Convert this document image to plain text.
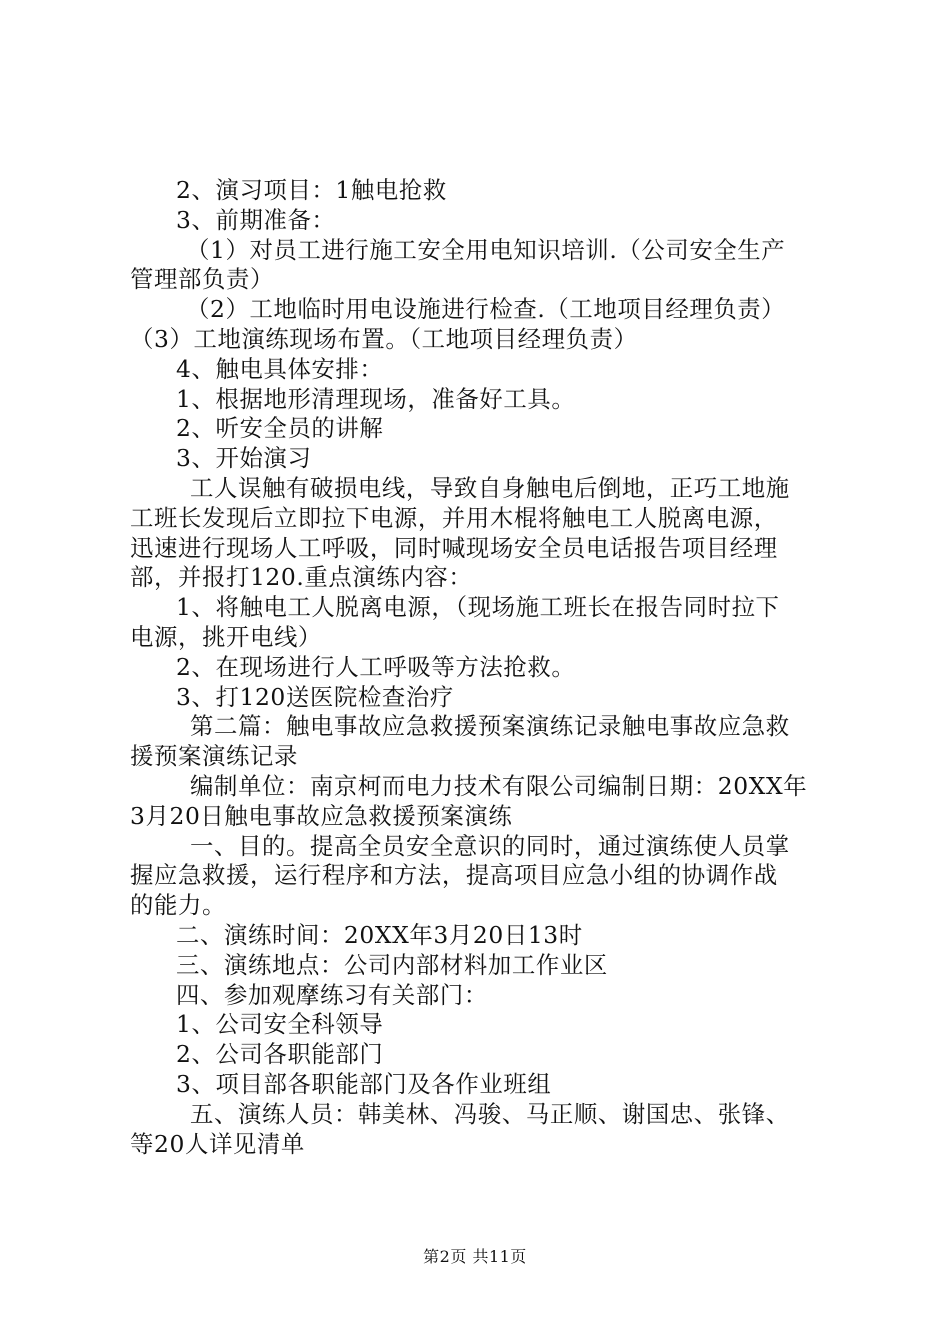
2、演习项目：1触电抢救
3、前期准备：
（1）对员工进行施工安全用电知识培训.（公司安全生产
管理部负责）
（2）工地临时用电设施进行检查.（工地项目经理负责）
（3）工地演练现场布置。（工地项目经理负责）
4、触电具体安排：
1、根据地形清理现场，准备好工具。
2、听安全员的讲解
3、开始演习
工人误触有破损电线，导致自身触电后倒地，正巧工地施
工班长发现后立即拉下电源，并用木棍将触电工人脱离电源，
迅速进行现场人工呼吸，同时喊现场安全员电话报告项目经理
部，并报打120.重点演练内容：
1、将触电工人脱离电源，（现场施工班长在报告同时拉下
电源，挑开电线）
2、在现场进行人工呼吸等方法抢救。
3、打120送医院检查治疗
第二篇：触电事故应急救援预案演练记录触电事故应急救
援预案演练记录
编制单位：南京柯而电力技术有限公司编制日期：20XX年
3月20日触电事故应急救援预案演练
一、目的。提高全员安全意识的同时，通过演练使人员掌
握应急救援，运行程序和方法，提高项目应急小组的协调作战
的能力。
二、演练时间：20XX年3月20日13时
三、演练地点：公司内部材料加工作业区
四、参加观摩练习有关部门：
1、公司安全科领导
2、公司各职能部门
3、项目部各职能部门及各作业班组
五、演练人员：韩美林、冯骏、马正顺、谢国忠、张锋、
等20人详见清单
第2页 共11页
